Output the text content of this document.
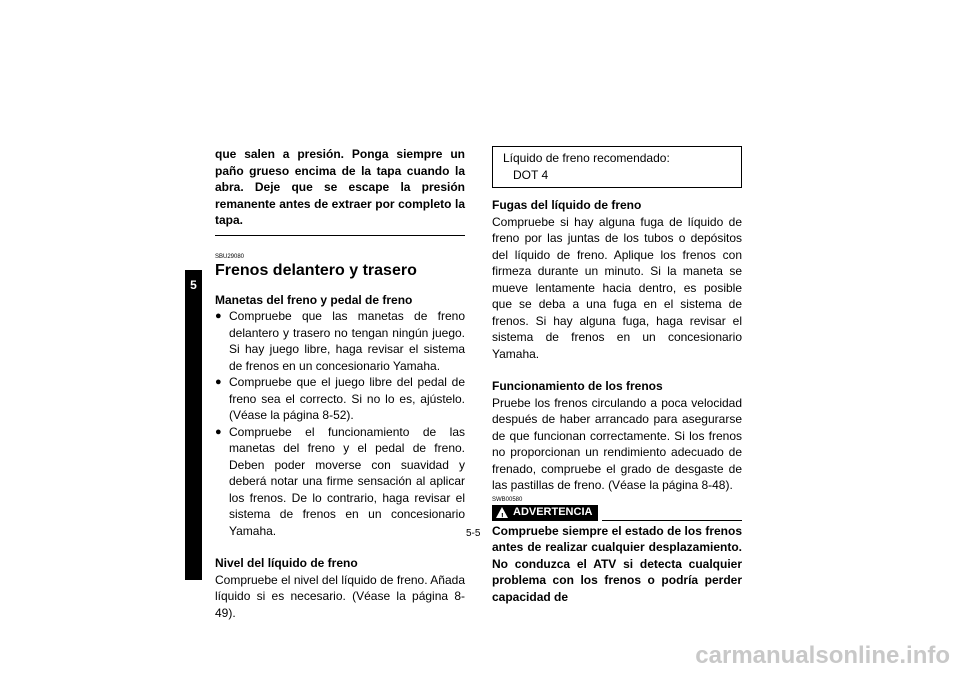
5

que salen a presión. Ponga siempre un paño grueso encima de la tapa cuando la abra. Deje que se escape la presión remanente antes de extraer por completo la tapa.

SBU29080
Frenos delantero y trasero

Manetas del freno y pedal de freno

● Compruebe que las manetas de freno delantero y trasero no tengan ningún juego. Si hay juego libre, haga revisar el sistema de frenos en un concesionario Yamaha.
● Compruebe que el juego libre del pedal de freno sea el correcto. Si no lo es, ajústelo. (Véase la página 8-52).
● Compruebe el funcionamiento de las manetas del freno y el pedal de freno. Deben poder moverse con suavidad y deberá notar una firme sensación al aplicar los frenos. De lo contrario, haga revisar el sistema de frenos en un concesionario Yamaha.

Nivel del líquido de freno

Compruebe el nivel del líquido de freno. Añada líquido si es necesario. (Véase la página 8-49).

Líquido de freno recomendado:
DOT 4

Fugas del líquido de freno

Compruebe si hay alguna fuga de líquido de freno por las juntas de los tubos o depósitos del líquido de freno. Aplique los frenos con firmeza durante un minuto. Si la maneta se mueve lentamente hacia dentro, es posible que se deba a una fuga en el sistema de frenos. Si hay alguna fuga, haga revisar el sistema de frenos en un concesionario Yamaha.

Funcionamiento de los frenos

Pruebe los frenos circulando a poca velocidad después de haber arrancado para asegurarse de que funcionan correctamente. Si los frenos no proporcionan un rendimiento adecuado de frenado, compruebe el grado de desgaste de las pastillas de freno. (Véase la página 8-48).

SWB00580
! ADVERTENCIA

Compruebe siempre el estado de los frenos antes de realizar cualquier desplazamiento. No conduzca el ATV si detecta cualquier problema con los frenos o podría perder capacidad de

5-5
carmanualsonline.info
